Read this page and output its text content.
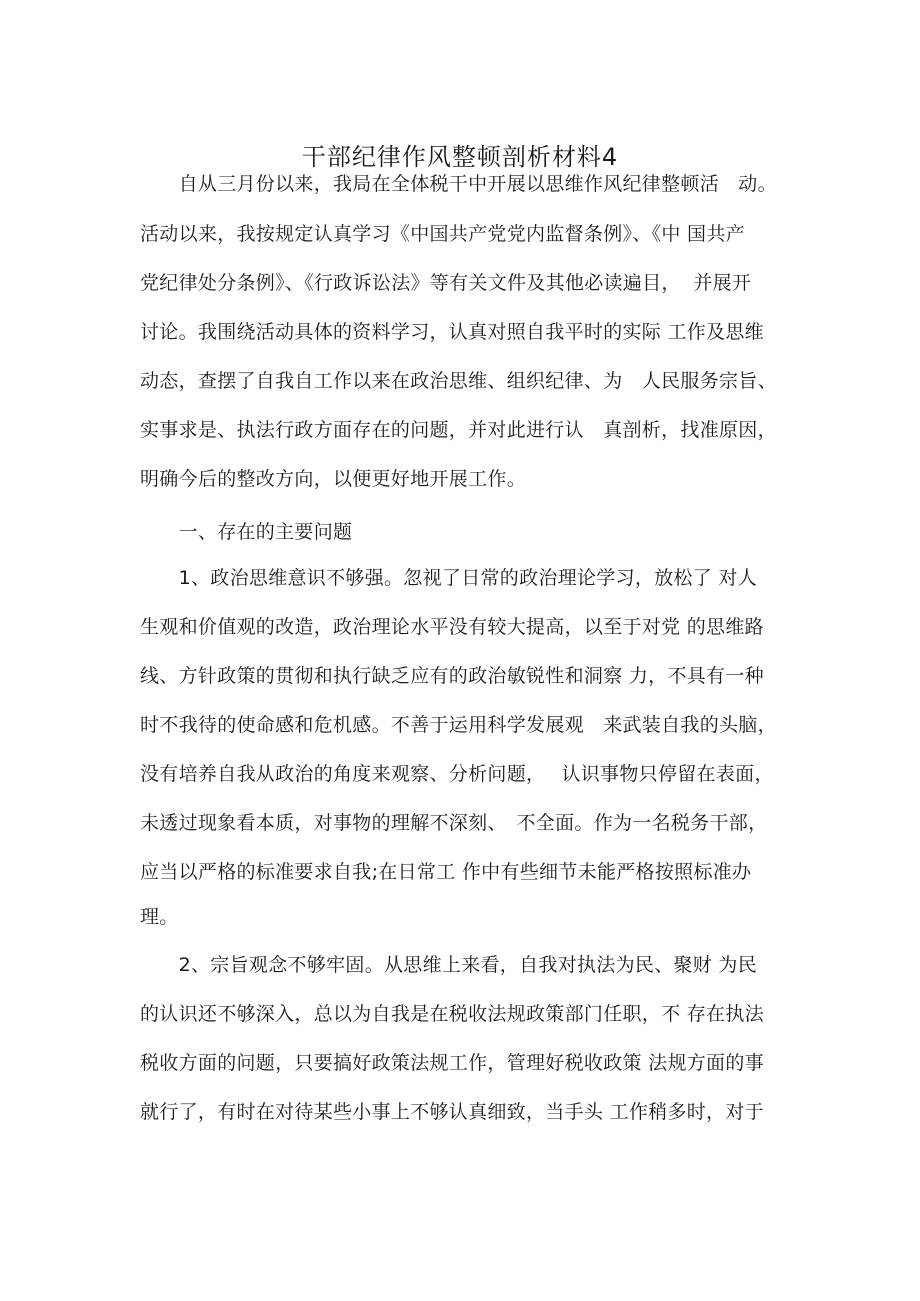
干部纪律作风整顿剖析材料4

　　自从三月份以来，我局在全体税干中开展以思维作风纪律整顿活　动。

活动以来，我按规定认真学习《中国共产党党内监督条例》、《中 国共产

党纪律处分条例》、《行政诉讼法》等有关文件及其他必读遍目，  并展开

讨论。我围绕活动具体的资料学习，认真对照自我平时的实际 工作及思维

动态，查摆了自我自工作以来在政治思维、组织纪律、为　人民服务宗旨、

实事求是、执法行政方面存在的问题，并对此进行认　真剖析，找准原因，

明确今后的整改方向，以便更好地开展工作。

　　一、存在的主要问题

　　1、政治思维意识不够强。忽视了日常的政治理论学习，放松了 对人

生观和价值观的改造，政治理论水平没有较大提高，以至于对党 的思维路

线、方针政策的贯彻和执行缺乏应有的政治敏锐性和洞察 力，不具有一种

时不我待的使命感和危机感。不善于运用科学发展观　来武装自我的头脑，

没有培养自我从政治的角度来观察、分析问题，　 认识事物只停留在表面，

未透过现象看本质，对事物的理解不深刻、　不全面。作为一名税务干部，

应当以严格的标准要求自我;在日常工 作中有些细节未能严格按照标准办

理。

　　2、宗旨观念不够牢固。从思维上来看，自我对执法为民、聚财 为民

的认识还不够深入，总以为自我是在税收法规政策部门任职，不 存在执法

税收方面的问题，只要搞好政策法规工作，管理好税收政策 法规方面的事

就行了，有时在对待某些小事上不够认真细致，当手头 工作稍多时，对于
